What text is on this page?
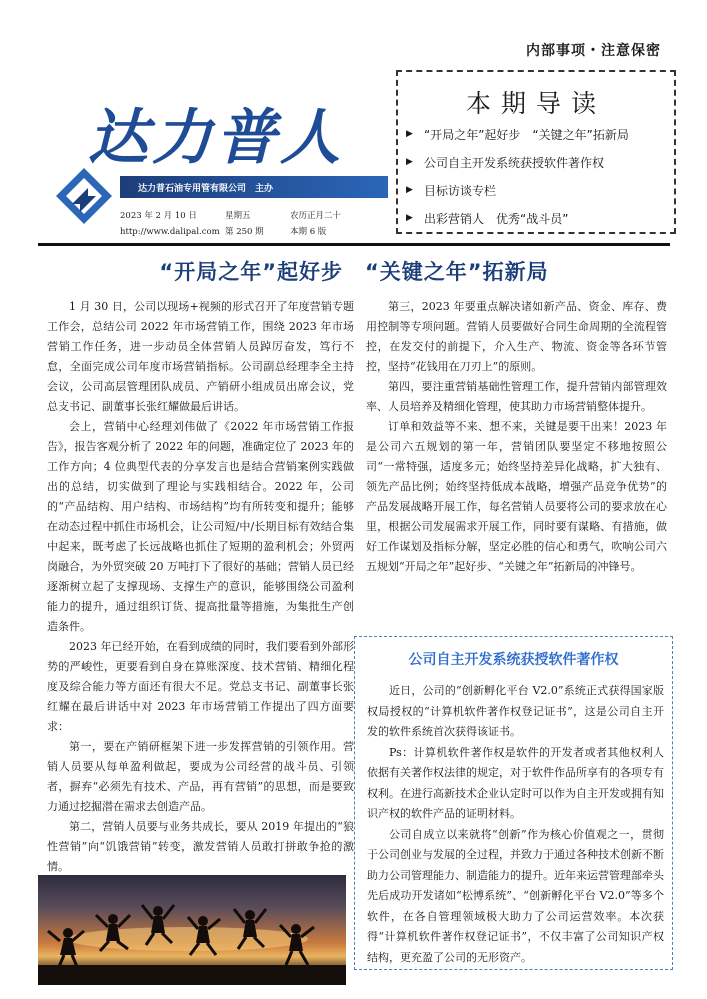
内部事项・注意保密
达力普人
达力普石油专用管有限公司　主办
2023 年 2 月 10 日	星期五	农历正月二十
http://www.dalipal.com 第 250 期	本期 6 版
本期导读
▶ “开局之年”起好步　“关键之年”拓新局
▶ 公司自主开发系统获授软件著作权
▶ 目标访谈专栏
▶ 出彩营销人　优秀“战斗员”
“开局之年”起好步　“关键之年”拓新局

1 月 30 日，公司以现场+视频的形式召开了年度营销专题工作会，总结公司 2022 年市场营销工作，围绕 2023 年市场营销工作任务，进一步动员全体营销人员踔厉奋发，笃行不怠，全面完成公司年度市场营销指标。公司副总经理李全主持会议，公司高层管理团队成员、产销研小组成员出席会议，党总支书记、副董事长张红耀做最后讲话。

会上，营销中心经理刘伟做了《2022 年市场营销工作报告》，报告客观分析了 2022 年的问题，准确定位了 2023 年的工作方向；4 位典型代表的分享发言也是结合营销案例实践做出的总结，切实做到了理论与实践相结合。2022 年，公司的“产品结构、用户结构、市场结构”均有所转变和提升；能够在动态过程中抓住市场机会，让公司短/中/长期目标有效结合集中起来，既考虑了长远战略也抓住了短期的盈利机会；外贸两岗融合，为外贸突破 20 万吨打下了很好的基础；营销人员已经逐渐树立起了支撑现场、支撑生产的意识，能够围绕公司盈利能力的提升，通过组织订货、提高批量等措施，为集批生产创造条件。

2023 年已经开始，在看到成绩的同时，我们要看到外部形势的严峻性，更要看到自身在算账深度、技术营销、精细化程度及综合能力等方面还有很大不足。党总支书记、副董事长张红耀在最后讲话中对 2023 年市场营销工作提出了四方面要求：

第一，要在产销研框架下进一步发挥营销的引领作用。营销人员要从每单盈利做起，要成为公司经营的战斗员、引领者，摒弃“必须先有技术、产品，再有营销”的思想，而是要致力通过挖掘潜在需求去创造产品。

第二，营销人员要与业务共成长，要从 2019 年提出的“狼性营销”向“饥饿营销”转变，激发营销人员敢打拼敢争抢的激情。

第三，2023 年要重点解决诸如新产品、资金、库存、费用控制等专项问题。营销人员要做好合同生命周期的全流程管控，在发交付的前提下，介入生产、物流、资金等各环节管控，坚持“花钱用在刀刃上”的原则。

第四，要注重营销基础性管理工作，提升营销内部管理效率、人员培养及精细化管理，使其助力市场营销整体提升。

订单和效益等不来、想不来，关键是要干出来！2023 年是公司六五规划的第一年，营销团队要坚定不移地按照公司“一常特强，适度多元；始终坚持差异化战略，扩大独有、领先产品比例；始终坚持低成本战略，增强产品竞争优势”的产品发展战略开展工作，每名营销人员要将公司的要求放在心里，根据公司发展需求开展工作，同时要有谋略、有措施，做好工作谋划及指标分解，坚定必胜的信心和勇气，吹响公司六五规划“开局之年”起好步、“关键之年”拓新局的冲锋号。

公司自主开发系统获授软件著作权

近日，公司的“创新孵化平台 V2.0”系统正式获得国家版权局授权的“计算机软件著作权登记证书”，这是公司自主开发的软件系统首次获得该证书。

Ps：计算机软件著作权是软件的开发者或者其他权利人依据有关著作权法律的规定，对于软件作品所享有的各项专有权利。在进行高新技术企业认定时可以作为自主开发或拥有知识产权的软件产品的证明材料。

公司自成立以来就将“创新”作为核心价值观之一，贯彻于公司创业与发展的全过程，并致力于通过各种技术创新不断助力公司管理能力、制造能力的提升。近年来运营管理部牵头先后成功开发诸如“松博系统”、“创新孵化平台 V2.0”等多个软件，在各自管理领域极大助力了公司运营效率。本次获得“计算机软件著作权登记证书”，不仅丰富了公司知识产权结构，更充盈了公司的无形资产。
